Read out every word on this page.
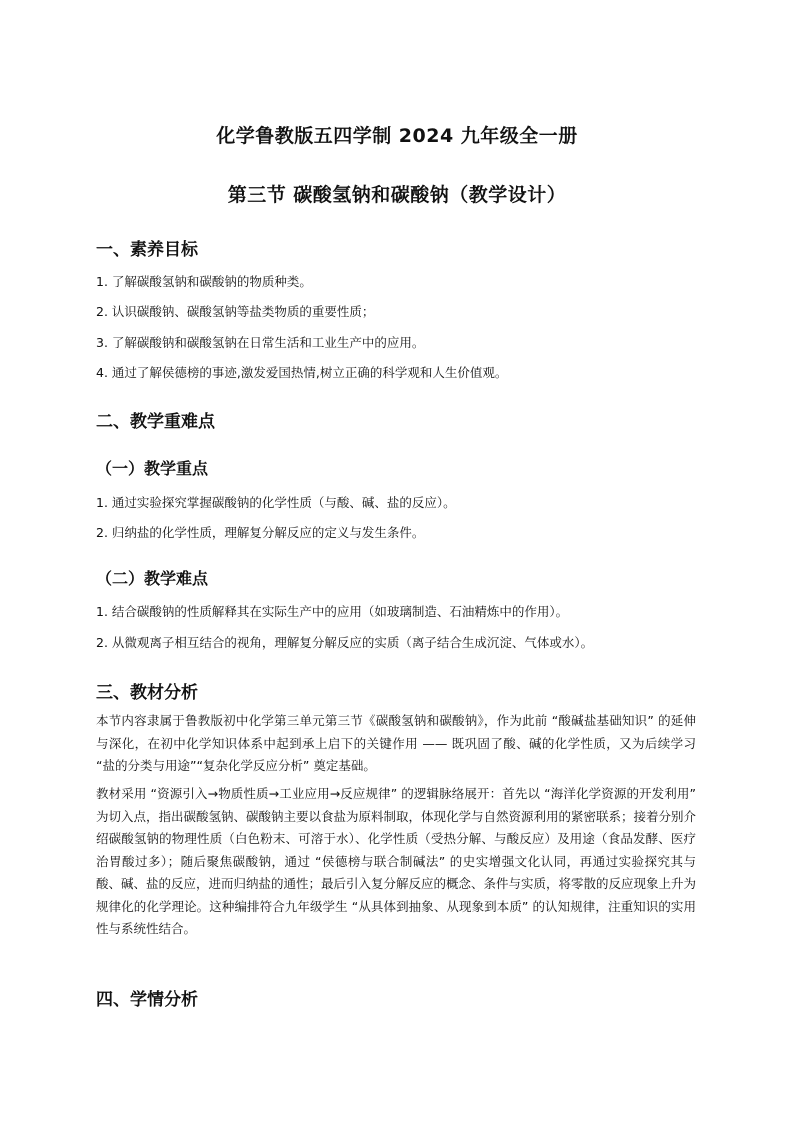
化学鲁教版五四学制 2024 九年级全一册
第三节 碳酸氢钠和碳酸钠（教学设计）
一、素养目标
1. 了解碳酸氢钠和碳酸钠的物质种类。
2. 认识碳酸钠、碳酸氢钠等盐类物质的重要性质；
3. 了解碳酸钠和碳酸氢钠在日常生活和工业生产中的应用。
4. 通过了解侯德榜的事迹,激发爱国热情,树立正确的科学观和人生价值观。
二、教学重难点
（一）教学重点
1. 通过实验探究掌握碳酸钠的化学性质（与酸、碱、盐的反应）。
2. 归纳盐的化学性质，理解复分解反应的定义与发生条件。
（二）教学难点
1. 结合碳酸钠的性质解释其在实际生产中的应用（如玻璃制造、石油精炼中的作用）。
2. 从微观离子相互结合的视角，理解复分解反应的实质（离子结合生成沉淀、气体或水）。
三、教材分析
本节内容隶属于鲁教版初中化学第三单元第三节《碳酸氢钠和碳酸钠》，作为此前 “酸碱盐基础知识” 的延伸与深化，在初中化学知识体系中起到承上启下的关键作用 —— 既巩固了酸、碱的化学性质，又为后续学习 “盐的分类与用途”“复杂化学反应分析” 奠定基础。
教材采用 “资源引入→物质性质→工业应用→反应规律” 的逻辑脉络展开：首先以 “海洋化学资源的开发利用” 为切入点，指出碳酸氢钠、碳酸钠主要以食盐为原料制取，体现化学与自然资源利用的紧密联系；接着分别介绍碳酸氢钠的物理性质（白色粉末、可溶于水）、化学性质（受热分解、与酸反应）及用途（食品发酵、医疗治胃酸过多）；随后聚焦碳酸钠，通过 “侯德榜与联合制碱法” 的史实增强文化认同，再通过实验探究其与酸、碱、盐的反应，进而归纳盐的通性；最后引入复分解反应的概念、条件与实质，将零散的反应现象上升为规律化的化学理论。这种编排符合九年级学生 “从具体到抽象、从现象到本质” 的认知规律，注重知识的实用性与系统性结合。
四、学情分析
